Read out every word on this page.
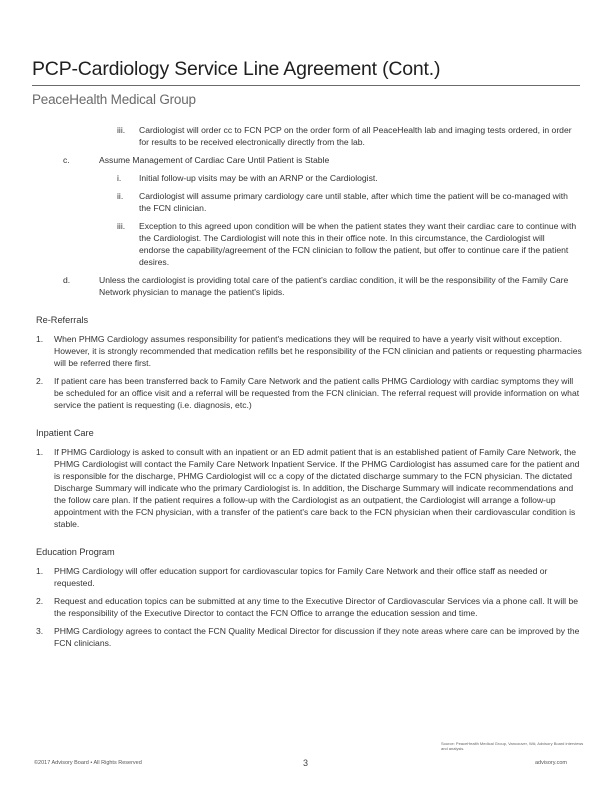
PCP-Cardiology Service Line Agreement (Cont.)
PeaceHealth Medical Group
iii. Cardiologist will order cc to FCN PCP on the order form of all PeaceHealth lab and imaging tests ordered, in order for results to be received electronically directly from the lab.
c.	Assume Management of Cardiac Care Until Patient is Stable
i. Initial follow-up visits may be with an ARNP or the Cardiologist.
ii. Cardiologist will assume primary cardiology care until stable, after which time the patient will be co-managed with the FCN clinician.
iii. Exception to this agreed upon condition will be when the patient states they want their cardiac care to continue with the Cardiologist. The Cardiologist will note this in their office note. In this circumstance, the Cardiologist will endorse the capability/agreement of the FCN clinician to follow the patient, but offer to continue care if the patient desires.
d.	Unless the cardiologist is providing total care of the patient's cardiac condition, it will be the responsibility of the Family Care Network physician to manage the patient's lipids.
Re-Referrals
1. When PHMG Cardiology assumes responsibility for patient's medications they will be required to have a yearly visit without exception. However, it is strongly recommended that medication refills bet he responsibility of the FCN clinician and patients or requesting pharmacies will be referred there first.
2. If patient care has been transferred back to Family Care Network and the patient calls PHMG Cardiology with cardiac symptoms they will be scheduled for an office visit and a referral will be requested from the FCN clinician. The referral request will provide information on what service the patient is requesting (i.e. diagnosis, etc.)
Inpatient Care
1. If PHMG Cardiology is asked to consult with an inpatient or an ED admit patient that is an established patient of Family Care Network, the PHMG Cardiologist will contact the Family Care Network Inpatient Service. If the PHMG Cardiologist has assumed care for the patient and is responsible for the discharge, PHMG Cardiologist will cc a copy of the dictated discharge summary to the FCN physician. The dictated Discharge Summary will indicate who the primary Cardiologist is. In addition, the Discharge Summary will indicate recommendations and the follow care plan. If the patient requires a follow-up with the Cardiologist as an outpatient, the Cardiologist will arrange a follow-up appointment with the FCN physician, with a transfer of the patient's care back to the FCN physician when their cardiovascular condition is stable.
Education Program
1. PHMG Cardiology will offer education support for cardiovascular topics for Family Care Network and their office staff as needed or requested.
2. Request and education topics can be submitted at any time to the Executive Director of Cardiovascular Services via a phone call. It will be the responsibility of the Executive Director to contact the FCN Office to arrange the education session and time.
3. PHMG Cardiology agrees to contact the FCN Quality Medical Director for discussion if they note areas where care can be improved by the FCN clinicians.
Source: PeaceHealth Medical Group, Vancouver, WA; Advisory Board interviews and analysis.
©2017 Advisory Board • All Rights Reserved	3	advisory.com
